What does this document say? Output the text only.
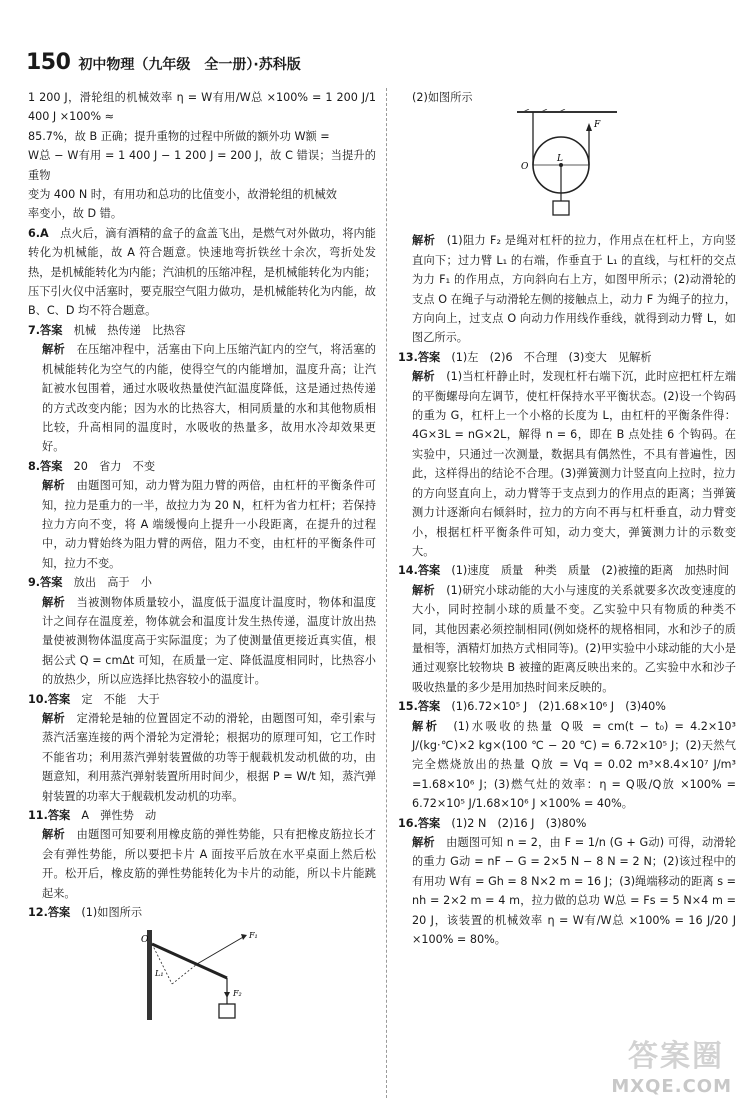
150 初中物理（九年级　全一册）·苏科版

1 200 J，滑轮组的机械效率 η = W有用/W总 ×100% = 1 200 J/1 400 J ×100% ≈

85.7%，故 B 正确；提升重物的过程中所做的额外功 W额 =

W总 − W有用 = 1 400 J − 1 200 J = 200 J，故 C 错误；当提升的重物

变为 400 N 时，有用功和总功的比值变小，故滑轮组的机械效

率变小，故 D 错。

6.A　 点火后，滴有酒精的盒子的盒盖飞出，是燃气对外做功，将内能转化为机械能，故 A 符合题意。快速地弯折铁丝十余次，弯折处发热，是机械能转化为内能；汽油机的压缩冲程，是机械能转化为内能；压下引火仪中活塞时，要克服空气阻力做功，是机械能转化为内能，故 B、C、D 均不符合题意。

7.答案　 机械　热传递　比热容

解析　 在压缩冲程中，活塞由下向上压缩汽缸内的空气，将活塞的机械能转化为空气的内能，使得空气的内能增加，温度升高；让汽缸被水包围着，通过水吸收热量使汽缸温度降低，这是通过热传递的方式改变内能；因为水的比热容大，相同质量的水和其他物质相比较，升高相同的温度时，水吸收的热量多，故用水冷却效果更好。

8.答案　 20　省力　不变

解析　 由题图可知，动力臂为阻力臂的两倍，由杠杆的平衡条件可知，拉力是重力的一半，故拉力为 20 N，杠杆为省力杠杆；若保持拉力方向不变，将 A 端缓慢向上提升一小段距离，在提升的过程中，动力臂始终为阻力臂的两倍，阻力不变，由杠杆的平衡条件可知，拉力不变。

9.答案　 放出　高于　小

解析　 当被测物体质量较小，温度低于温度计温度时，物体和温度计之间存在温度差，物体就会和温度计发生热传递，温度计放出热量使被测物体温度高于实际温度；为了使测量值更接近真实值，根据公式 Q = cmΔt 可知，在质量一定、降低温度相同时，比热容小的放热少，所以应选择比热容较小的温度计。

10.答案　 定　不能　大于

解析　 定滑轮是轴的位置固定不动的滑轮，由题图可知，牵引索与蒸汽活塞连接的两个滑轮为定滑轮；根据功的原理可知，它工作时不能省功；利用蒸汽弹射装置做的功等于舰载机发动机做的功，由题意知，利用蒸汽弹射装置所用时间少，根据 P = W/t 知，蒸汽弹射装置的功率大于舰载机发动机的功率。

11.答案　 A　弹性势　动

解析　 由题图可知要利用橡皮筋的弹性势能，只有把橡皮筋拉长才会有弹性势能，所以要把卡片 A 面按平后放在水平桌面上然后松开。松开后，橡皮筋的弹性势能转化为卡片的动能，所以卡片能跳起来。

12.答案　 (1)如图所示

O
L₁
F₁
F₂

(2)如图所示

O
L
F

解析　 (1)阻力 F₂ 是绳对杠杆的拉力，作用点在杠杆上，方向竖直向下；过力臂 L₁ 的右端，作垂直于 L₁ 的直线，与杠杆的交点为力 F₁ 的作用点，方向斜向右上方，如图甲所示；(2)动滑轮的支点 O 在绳子与动滑轮左侧的接触点上，动力 F 为绳子的拉力，方向向上，过支点 O 向动力作用线作垂线，就得到动力臂 L，如图乙所示。

13.答案　 (1)左　(2)6　不合理　(3)变大　见解析

解析　 (1)当杠杆静止时，发现杠杆右端下沉，此时应把杠杆左端的平衡螺母向左调节，使杠杆保持水平平衡状态。(2)设一个钩码的重为 G，杠杆上一个小格的长度为 L，由杠杆的平衡条件得：4G×3L = nG×2L，解得 n = 6，即在 B 点处挂 6 个钩码。在实验中，只通过一次测量，数据具有偶然性，不具有普遍性，因此，这样得出的结论不合理。(3)弹簧测力计竖直向上拉时，拉力的方向竖直向上，动力臂等于支点到力的作用点的距离；当弹簧测力计逐渐向右倾斜时，拉力的方向不再与杠杆垂直，动力臂变小，根据杠杆平衡条件可知，动力变大，弹簧测力计的示数变大。

14.答案　 (1)速度　质量　种类　质量　(2)被撞的距离　加热时间

解析　 (1)研究小球动能的大小与速度的关系就要多次改变速度的大小，同时控制小球的质量不变。乙实验中只有物质的种类不同，其他因素必须控制相同(例如烧杯的规格相同，水和沙子的质量相等，酒精灯加热方式相同等)。(2)甲实验中小球动能的大小是通过观察比较物块 B 被撞的距离反映出来的。乙实验中水和沙子吸收热量的多少是用加热时间来反映的。

15.答案　 (1)6.72×10⁵ J　(2)1.68×10⁶ J　(3)40%

解析　 (1)水吸收的热量 Q吸 = cm(t − t₀) = 4.2×10³ J/(kg·℃)×2 kg×(100 ℃ − 20 ℃) = 6.72×10⁵ J；(2)天然气完全燃烧放出的热量 Q放 = Vq = 0.02 m³×8.4×10⁷ J/m³ =1.68×10⁶ J；(3)燃气灶的效率：η = Q吸/Q放 ×100% = 6.72×10⁵ J/1.68×10⁶ J ×100% = 40%。

16.答案　 (1)2 N　(2)16 J　(3)80%

解析　 由题图可知 n = 2，由 F = 1/n (G + G动) 可得，动滑轮的重力 G动 = nF − G = 2×5 N − 8 N = 2 N；(2)该过程中的有用功 W有 = Gh = 8 N×2 m = 16 J；(3)绳端移动的距离 s = nh = 2×2 m = 4 m，拉力做的总功 W总 = Fs = 5 N×4 m = 20 J，该装置的机械效率 η = W有/W总 ×100% = 16 J/20 J ×100% = 80%。

答案圈
MXQE.COM
